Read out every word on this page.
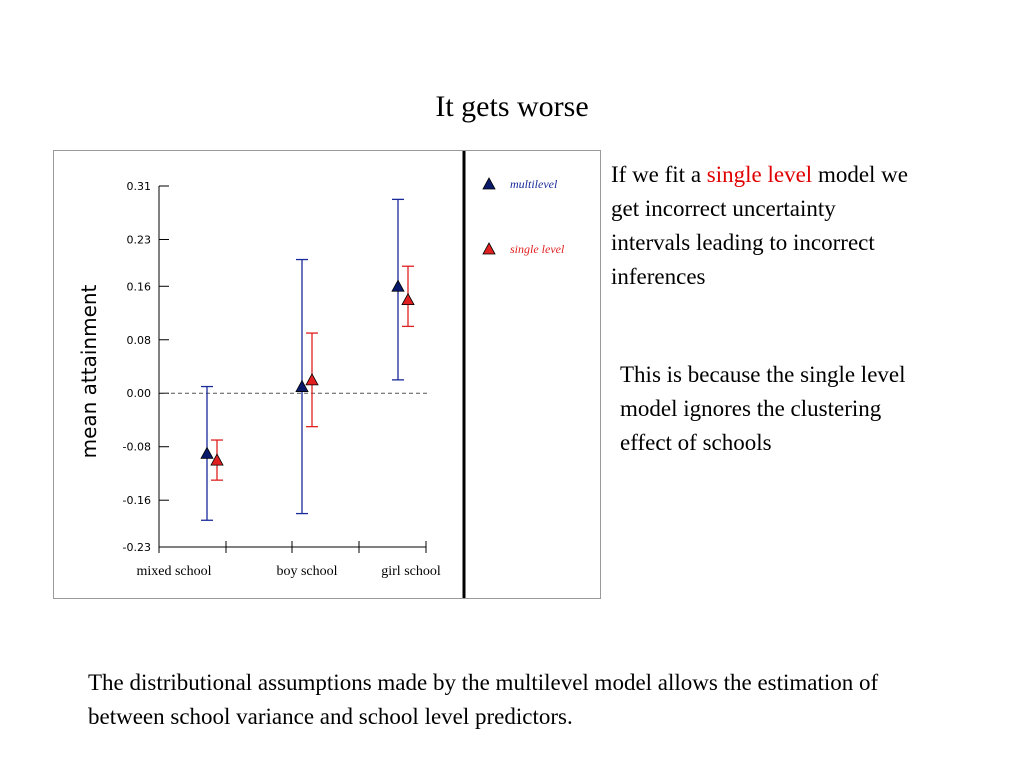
It gets worse
0.31
0.23
0.16
0.08
0.00
-0.08
-0.16
-0.23
mean attainment
mixed school	boy school	girl school
multilevel
single level
If we fit a single level model we get incorrect uncertainty intervals leading to incorrect inferences
This is because the single level model ignores the clustering effect of schools
The distributional assumptions made by the multilevel model allows the estimation of between school variance and school level predictors.
